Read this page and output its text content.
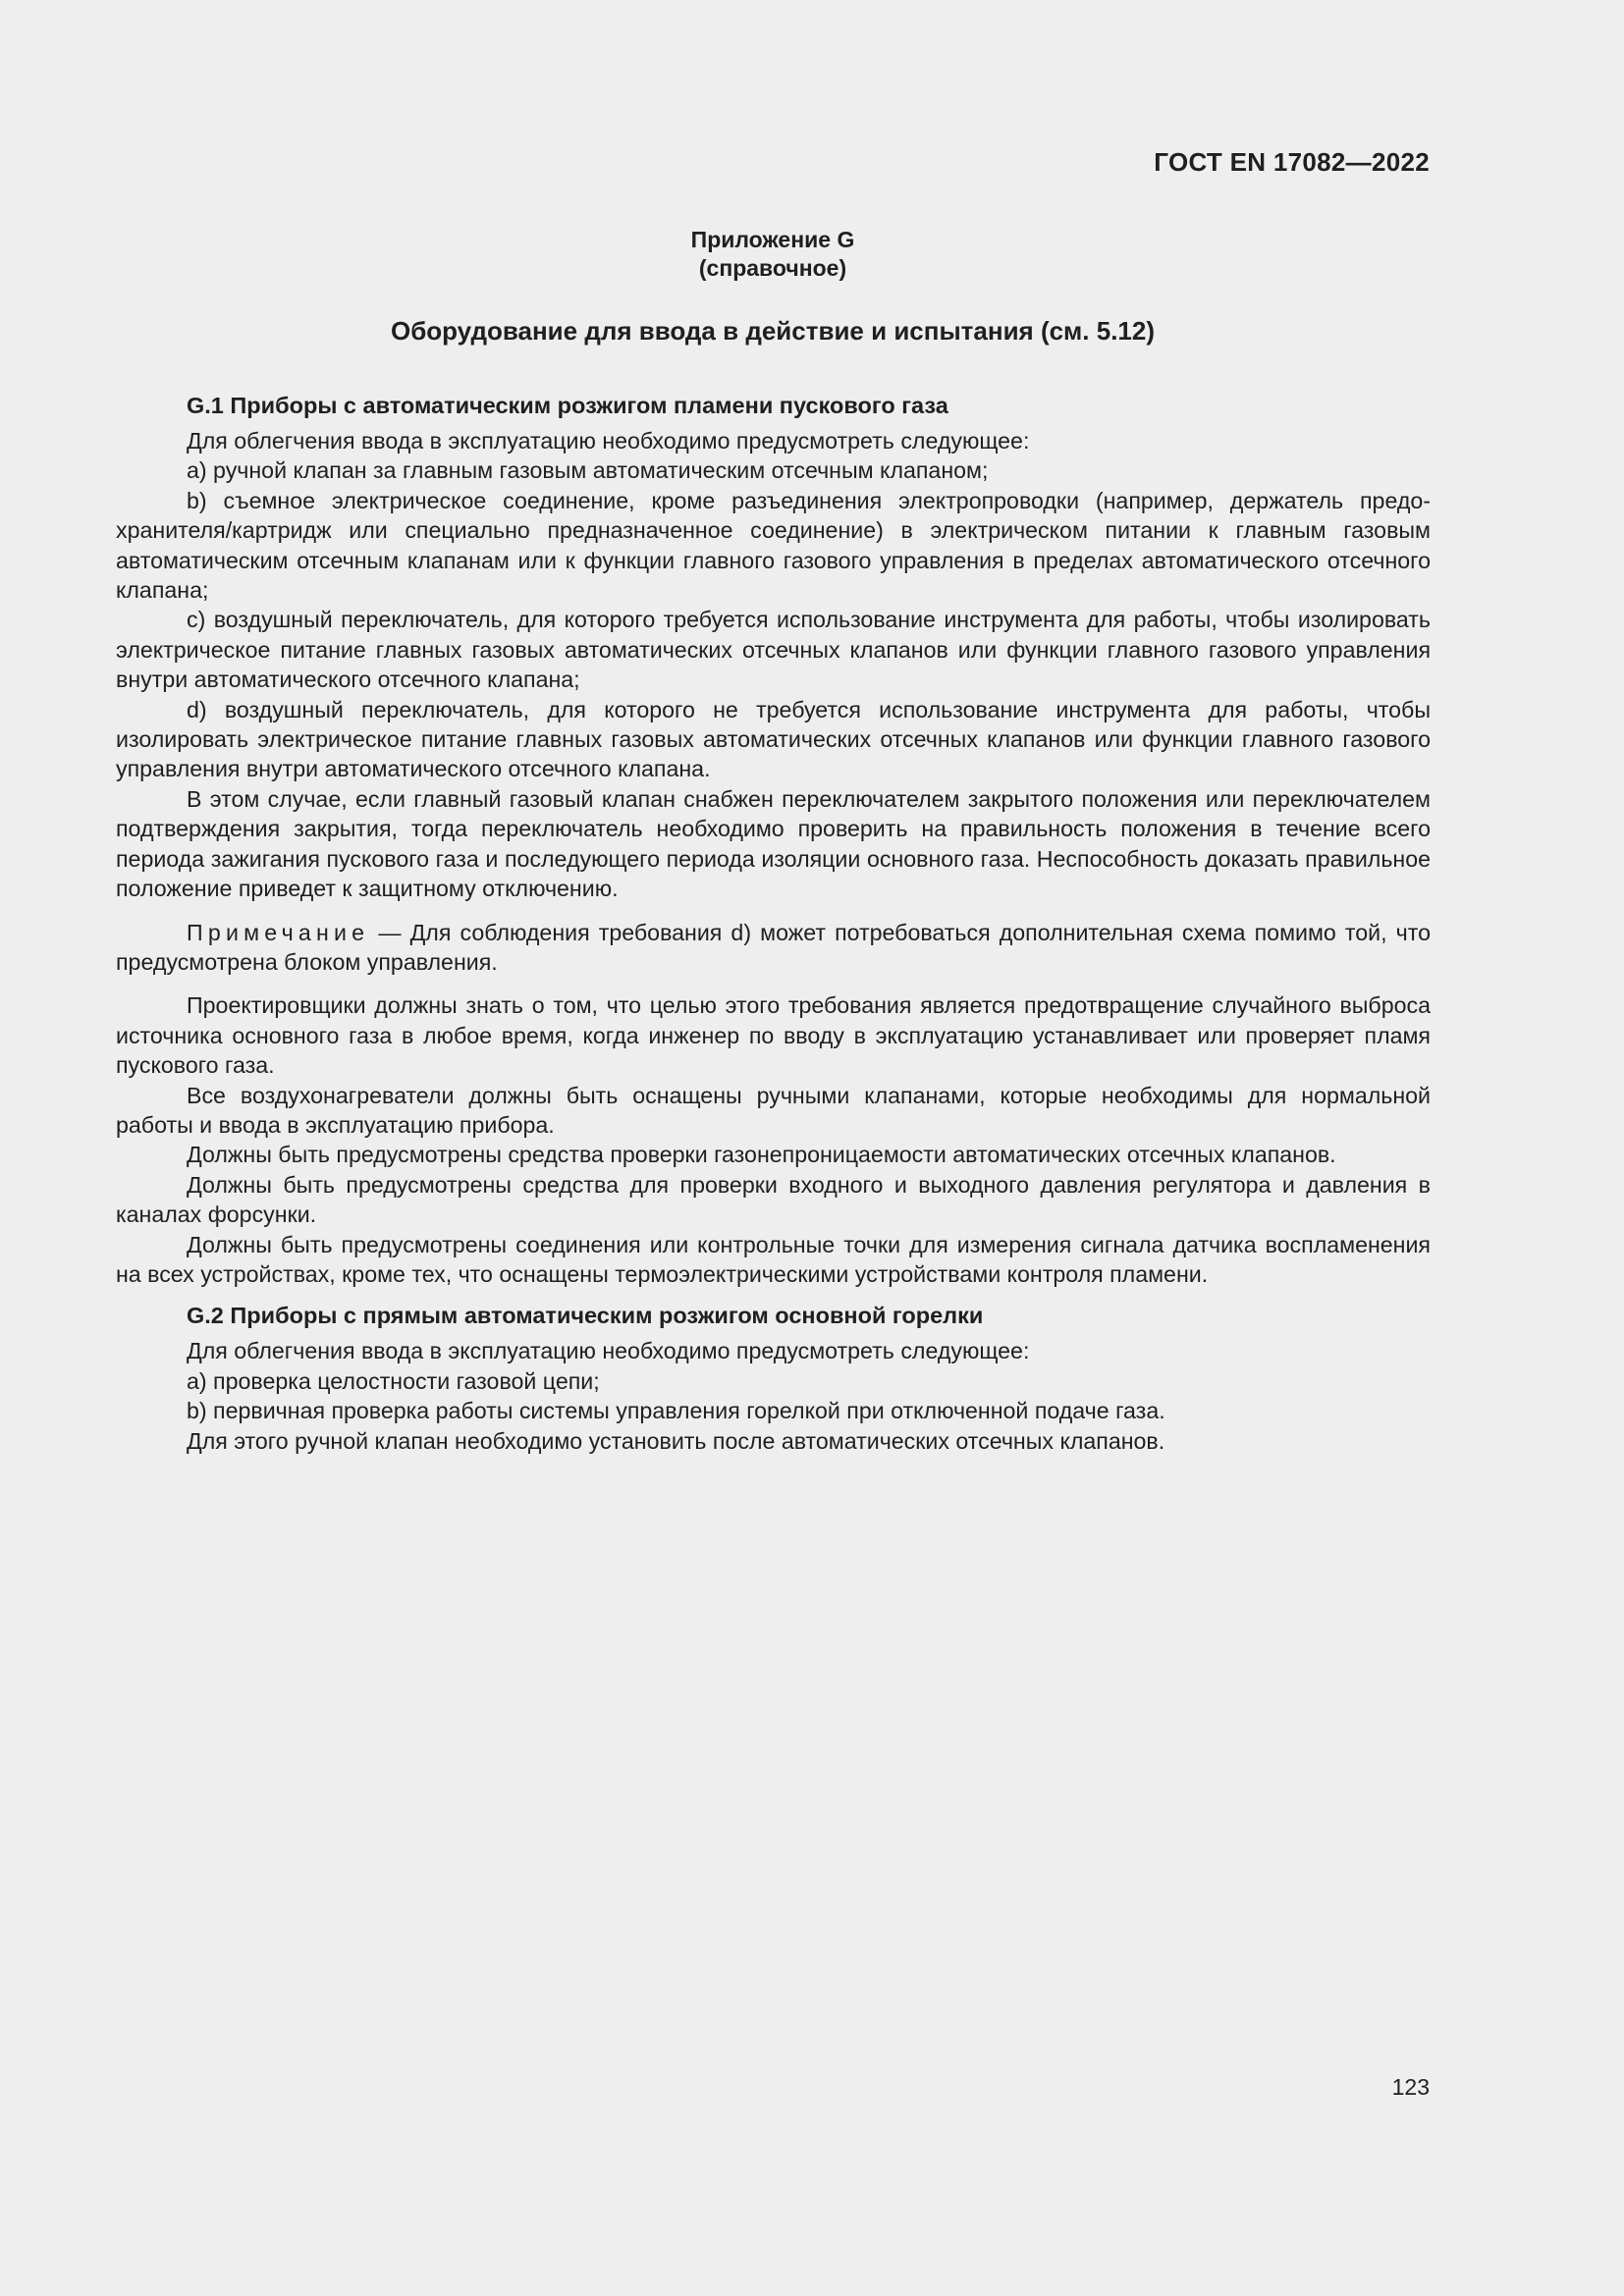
ГОСТ EN 17082—2022
Приложение G
(справочное)
Оборудование для ввода в действие и испытания (см. 5.12)
G.1 Приборы с автоматическим розжигом пламени пускового газа

Для облегчения ввода в эксплуатацию необходимо предусмотреть следующее:

a) ручной клапан за главным газовым автоматическим отсечным клапаном;

b) съемное электрическое соединение, кроме разъединения электропроводки (например, держатель предохранителя/картридж или специально предназначенное соединение) в электрическом питании к главным газовым автоматическим отсечным клапанам или к функции главного газового управления в пределах автоматического отсечного клапана;

c) воздушный переключатель, для которого требуется использование инструмента для работы, чтобы изолировать электрическое питание главных газовых автоматических отсечных клапанов или функции главного газового управления внутри автоматического отсечного клапана;

d) воздушный переключатель, для которого не требуется использование инструмента для работы, чтобы изолировать электрическое питание главных газовых автоматических отсечных клапанов или функции главного газового управления внутри автоматического отсечного клапана.

В этом случае, если главный газовый клапан снабжен переключателем закрытого положения или переключателем подтверждения закрытия, тогда переключатель необходимо проверить на правильность положения в течение всего периода зажигания пускового газа и последующего периода изоляции основного газа. Неспособность доказать правильное положение приведет к защитному отключению.

Примечание — Для соблюдения требования d) может потребоваться дополнительная схема помимо той, что предусмотрена блоком управления.

Проектировщики должны знать о том, что целью этого требования является предотвращение случайного выброса источника основного газа в любое время, когда инженер по вводу в эксплуатацию устанавливает или проверяет пламя пускового газа.

Все воздухонагреватели должны быть оснащены ручными клапанами, которые необходимы для нормальной работы и ввода в эксплуатацию прибора.

Должны быть предусмотрены средства проверки газонепроницаемости автоматических отсечных клапанов.

Должны быть предусмотрены средства для проверки входного и выходного давления регулятора и давления в каналах форсунки.

Должны быть предусмотрены соединения или контрольные точки для измерения сигнала датчика воспламенения на всех устройствах, кроме тех, что оснащены термоэлектрическими устройствами контроля пламени.

G.2 Приборы с прямым автоматическим розжигом основной горелки

Для облегчения ввода в эксплуатацию необходимо предусмотреть следующее:

a) проверка целостности газовой цепи;

b) первичная проверка работы системы управления горелкой при отключенной подаче газа.

Для этого ручной клапан необходимо установить после автоматических отсечных клапанов.

123
